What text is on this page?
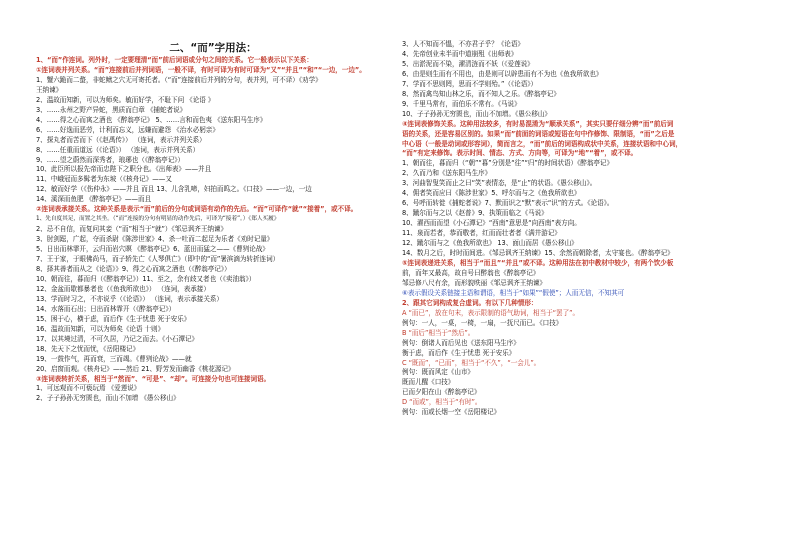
二、“而”字用法：
1、“而”作连词。列外时，一定要理清“而”前后词语或分句之间的关系。它一般表示以下关系：
①连词表并列关系。“而”连接前后并列词语，一般不译，有时可译为有时可译为“又”“并且”“和”“一边，一边”。
1、蟹六跪而二螯，非蛇鳝之穴无可寄托者。（“而”连接前后并列的分句，表并列，可不译）《劝学》
王纳谏》
2、温故而知新，可以为师矣。敏而好学，不耻下问 《论语 》
3、……永州之野产异蛇，黑质而白章 《捕蛇者说》
4、……得之心而寓之酒也 《醉翁亭记》 5、……言和而色夷 《送东阳马生序》
6、……好逸而恶劳，计利而忘义，远嫌而避怨 《治水必躬亲》
7、探丸者而苦而下（《赵禹传》） （连词，表示并列关系）
8、……任重而道远（《论语》） （连词，表示并列关系）
9、……望之蔚然而深秀者，琅琊也（《醉翁亭记》）
10、此臣所以报先帝而忠陛下之职分也。《出师表》——并且
11、中峨冠而多髯者为东坡（《核舟记》——又
12、敏而好学（《伤仲永》——并且 而且 13、儿含乳啼，妇拍而呜之。《口技》——一边，一边
14、溪深而鱼肥 《醉翁亭记》——而且
②连词表承接关系。这种关系是表示“而”前后的分句或词语有动作的先后。“而”可译作“就”“接着”，或不译。
1、先自度其足，而置之其坐。（“而”连接的分句有明显的动作先后，可译为“接着”。）《郑人买履》
2、忌不自信，而复问其妾（“而”相当于“就”）《邹忌讽齐王纳谏》
3、肘剑跽，广起，夺而杀尉《陈涉世家》4、杀一吐而二起足为乐者《劝时记量》
5、日出而林霏开，云归而岩穴暝 《醉翁亭记》6、蓝田而猛之——《曹刿论战》
7、王于家，于眼佛尚马，而子轿先亡《人琴俱亡》（即中的“而”暑滨滴为转折连词）
8、择其善者而从之《论语》》9、得之心而寓之酒也（《醉翁亭记》）
10、朝而往，暮而归（《醉翁亭记》）11、至之，余有歧又者也（《卖油翁》）
12、金盆而歇都暴者也（《鱼我所欲也》） （连词，表承接）
13、学而时习之，不亦说乎（《论语》） （连词，表示承接关系）
14、水落而石出；日出而林霏开（《醉翁亭记》）
15、困于心，横于虑，而后作《生于忧患 死于安乐》
16、温故而知新，可以为师矣《论语 十则》
17、以其境过清，不可久居，乃记之而去。《小石潭记》
18、先天下之忧而忧，《岳阳楼记》
19、一鼓作气，再而衰，三而竭。《曹刿论战》——就
20、启窗而观。《核舟记》——然后 21、野芳发而幽香《桃花源记》
③连词表转折关系，相当于“然而”、“可是”、“却”。可连接分句也可连接词语。
1、可远观而不可亵玩焉 《爱莲说》
2、子子孙孙无穷匮也，而山不加增 《愚公移山》
3、人不知而不愠，不亦君子乎？《论语》
4、先帝创业未半而中道崩殂《出师表》
5、出淤泥而不染，濯清涟而不妖（《爱莲说》
6、由是则生而有不用也，由是则可以辟患而有不为也《鱼我所欲也》
7、学而不思则罔，思而不学则殆。”（《论语》）
8、然而禽鸟知山林之乐，而不知人之乐。《醉翁亭记》
9、千里马常有，而伯乐不常有。《马说》
10、子子孙孙无穷匮也，而山不加增。《愚公移山》
④连词表修饰关系。这种用法较多，有时易混淆为“顺承关系”，其实只要仔细分辨“而”前后词
语的关系，还是容易区别的。如果“而”前面的词语或短语在句中作修饰、限制语，“而”之后是
中心语（一般是动词或形容词），简而言之，“而”前后的词语构成状中关系，连接状语和中心词，
“而”有定来修饰。表示时间、情态、方式、方向等，可译为“地”“着”，或不译。
1、朝而往，暮而归（“朝”“暮”分别是“往”“归”的时间状语）《醉翁亭记》
2、久而乃和《送东阳马生序》
3、河曲智叟笑而止之曰“笑”表情态，是“止”的状语。《愚公移山》。
4、佣者笑而应曰《陈涉世家》5、呼尔而与之《鱼我所欲也》
6、号呼而转徙《捕蛇者说》7、默而识之“默”表示“识”的方式。《论语》。
8、蹴尔而与之以《赵普》9、执策而临之《马说》
10、濯西而而望《小石潭记》“西南”意思是“向西南”表方向。
11、泉而若者，恭而敬者，红而而壮者者《满井游记》
12、蹴尔而与之《鱼我所欲也》 13、面山而居《愚公移山》
14、数月之后，时时而间进。《邹忌讽齐王纳谏》15、余然而朝除者，太守宴也。《醉翁亭记》
⑤连词表递进关系，相当于“而且”“并且”或不译。这种用法在初中教材中较少，有两个饮少板
前，而年又最高，故自号曰醉翁也《醉翁亭记》
邹忌修八尺有余，而形貌昳丽《邹忌讽齐王纳谏》
⑥表示假设关系链接主语和谓语，相当于“如果”“假使”；人而无信，不知其可
2、跟其它词构成复合虚词。有以下几种情形：
A “而已”，放在句末，表示限制的语气助词，相当于“罢了”。
例句：一人，一桌，一椅，一扇，一抚尺而已。《口技》
B “而后”相当于“然后”。
例句：倒诸人而后见也《送东阳马生序》
衡于虑，而后作《生于忧患 死于安乐》
C “既而”，“已而”，相当于“不久”，“一会儿”。
例句：既而风定《山市》
既而儿醒《口技》
已而夕阳在山《醉翁亭记》
D “而或”，相当于“有时”。
例句：而或长烟一空《岳阳楼记》
